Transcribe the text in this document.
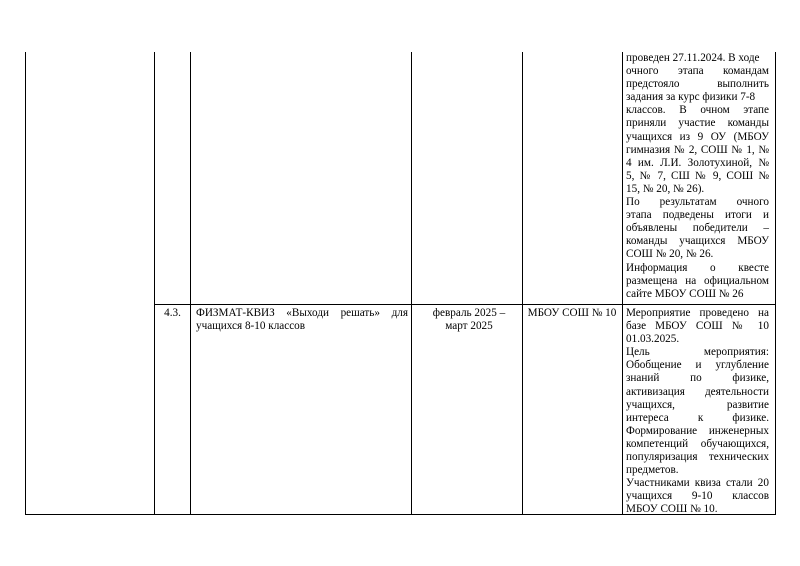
проведен 27.11.2024. В ходе

очного этапа командам

предстояло выполнить

задания за курс физики 7-8

классов. В очном этапе

приняли участие команды

учащихся из 9 ОУ (МБОУ

гимназия № 2, СОШ № 1, №

4 им. Л.И. Золотухиной, №

5, № 7, СШ № 9, СОШ №

15, № 20, № 26).

По результатам очного

этапа подведены итоги и

объявлены победители –

команды учащихся МБОУ

СОШ № 20, № 26.

Информация о квесте

размещена на официальном

сайте МБОУ СОШ № 26

4.3.	ФИЗМАТ-КВИЗ «Выходи решать» для
учащихся 8-10 классов
февраль 2025 –
март 2025
МБОУ СОШ № 10 Мероприятие проведено на

базе МБОУ СОШ № 10

01.03.2025.

Цель мероприятия:

Обобщение и углубление

знаний по физике,

активизация деятельности

учащихся, развитие

интереса к физике.

Формирование инженерных

компетенций обучающихся,

популяризация технических

предметов.

Участниками квиза стали 20

учащихся 9-10 классов

МБОУ СОШ № 10.
